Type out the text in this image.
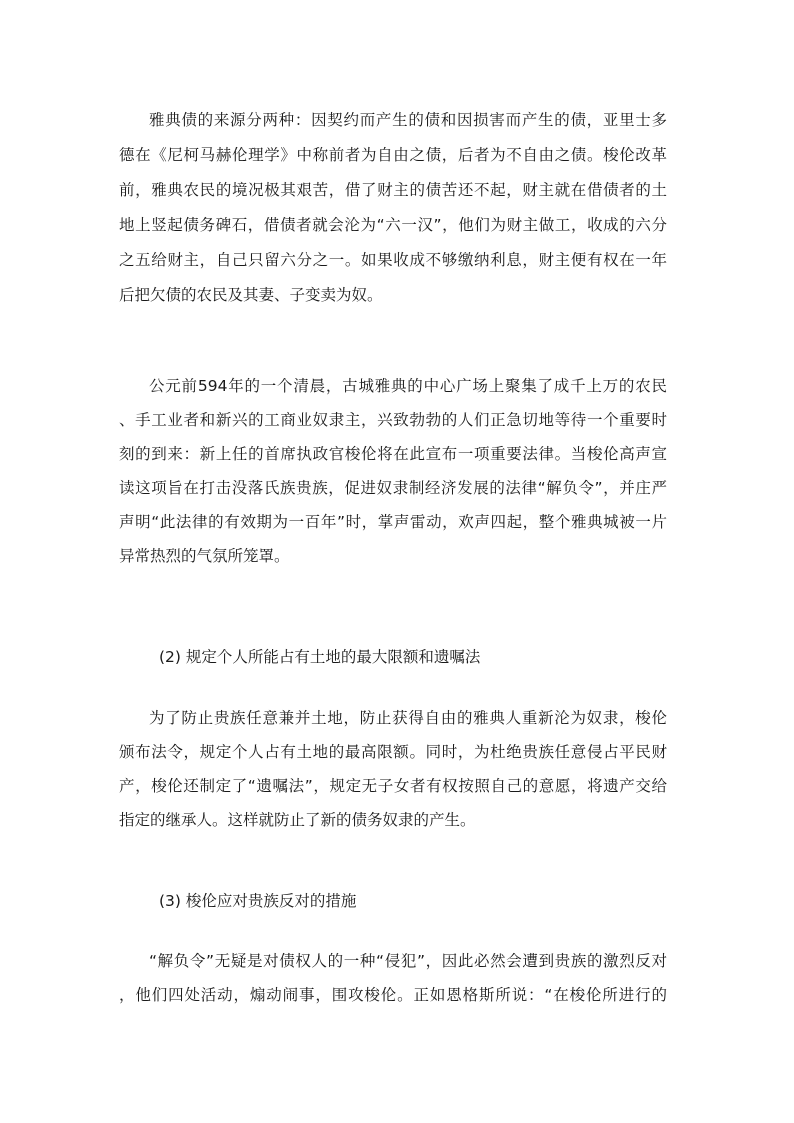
雅典债的来源分两种：因契约而产生的债和因损害而产生的债，亚里士多
德在《尼柯马赫伦理学》中称前者为自由之债，后者为不自由之债。梭伦改革
前，雅典农民的境况极其艰苦，借了财主的债苦还不起，财主就在借债者的土
地上竖起债务碑石，借债者就会沦为“六一汉”，他们为财主做工，收成的六分
之五给财主，自己只留六分之一。如果收成不够缴纳利息，财主便有权在一年
后把欠债的农民及其妻、子变卖为奴。
公元前594年的一个清晨，古城雅典的中心广场上聚集了成千上万的农民
、手工业者和新兴的工商业奴隶主，兴致勃勃的人们正急切地等待一个重要时
刻的到来：新上任的首席执政官梭伦将在此宣布一项重要法律。当梭伦高声宣
读这项旨在打击没落氏族贵族，促进奴隶制经济发展的法律“解负令”，并庄严
声明“此法律的有效期为一百年”时，掌声雷动，欢声四起，整个雅典城被一片
异常热烈的气氛所笼罩。

(2) 规定个人所能占有土地的最大限额和遗嘱法

为了防止贵族任意兼并土地，防止获得自由的雅典人重新沦为奴隶，梭伦
颁布法令，规定个人占有土地的最高限额。同时，为杜绝贵族任意侵占平民财
产，梭伦还制定了“遗嘱法”，规定无子女者有权按照自己的意愿，将遗产交给
指定的继承人。这样就防止了新的债务奴隶的产生。

(3) 梭伦应对贵族反对的措施

“解负令”无疑是对债权人的一种“侵犯”，因此必然会遭到贵族的激烈反对
，他们四处活动，煽动闹事，围攻梭伦。正如恩格斯所说：“在梭伦所进行的
